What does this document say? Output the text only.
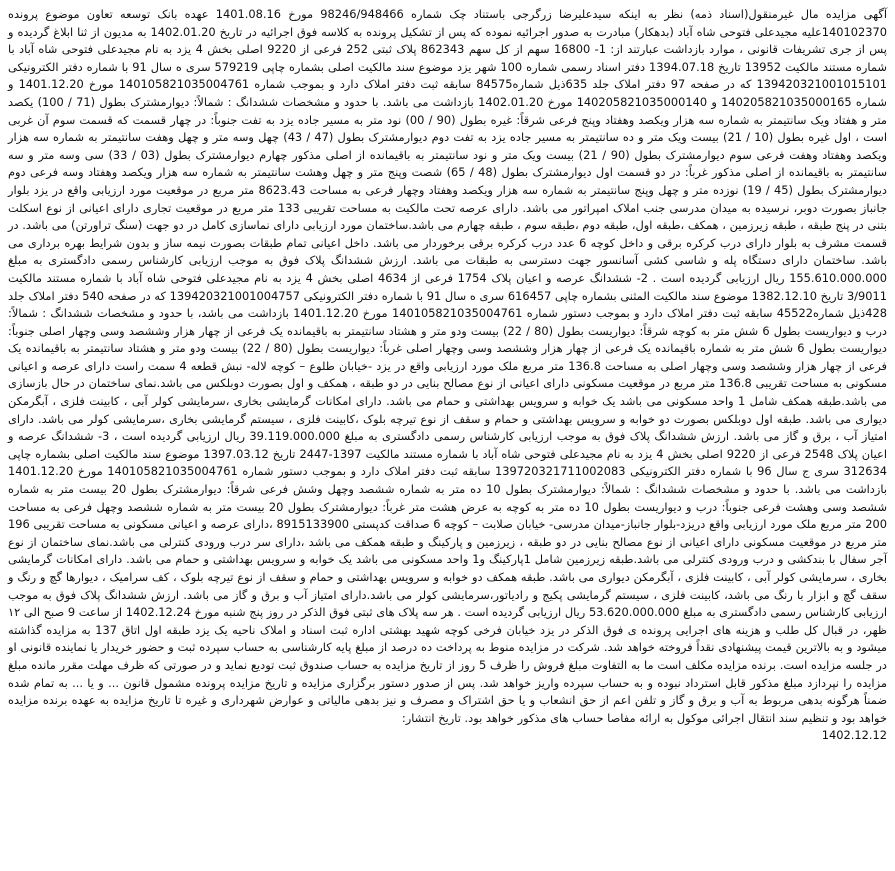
آگهی مزایده مال غیرمنقول(اسناد ذمه) نظر به اینکه سیدعلیرضا زرگرجی باستناد چک شماره 98246/948466 مورخ 1401.08.16 عهده بانک توسعه تعاون موضوع پرونده 140102370علیه مجیدعلی فتوحی شاه آباد (بدهکار) مبادرت به صدور اجرائیه نموده که پس از تشکیل پرونده به کلاسه فوق اجرائیه در تاریخ 1402.01.20 به مدیون از ثنا ابلاغ گردیده و پس از جری تشریفات قانونی ، موارد بازداشت عبارتند از: 1- 16800 سهم از کل سهم 862343 پلاک ثبتی 252 فرعی از 9220 اصلی بخش 4 یزد به نام مجیدعلی فتوحی شاه آباد با شماره مستند مالکیت 13952 تاریخ 1394.07.18 دفتر اسناد رسمی شماره 100 شهر یزد موضوع سند مالکیت اصلی بشماره چاپی 579219 سری ه سال 91 با شماره دفتر الکترونیکی 139420321001015101 که در صفحه 97 دفتر املاک جلد 635ذیل شماره84575 سابقه ثبت دفتر املاک دارد و بموجب شماره 140105821035004761 مورخ 1401.12.20 و شماره 140205821035000165 و 140205821035000140 مورخ 1402.01.20 بازداشت می باشد. با حدود و مشخصات ششدانگ : شمالاً: دیوارمشترک بطول (71 / 100) یکصد متر و هفتاد ویک سانتیمتر به شماره سه هزار ویکصد وهفتاد وپنج فرعی شرقاً: غیره بطول (90 / 00) نود متر به مسیر جاده یزد به تفت جنوباً: در چهار قسمت که قسمت سوم آن غربی است ، اول غیره بطول (10 / 21) بیست ویک متر و ده سانتیمتر به مسیر جاده یزد به تفت دوم دیوارمشترک بطول (47 / 43) چهل وسه متر و چهل وهفت سانتیمتر به شماره سه هزار ویکصد وهفتاد وهفت فرعی سوم دیوارمشترک بطول (90 / 21) بیست ویک متر و نود سانتیمتر به باقیمانده از اصلی مذکور چهارم دیوارمشترک بطول (03 / 33) سی وسه متر و سه سانتیمتر به باقیمانده از اصلی مذکور غرباً: در دو قسمت اول دیوارمشترک بطول (48 / 65) شصت وپنج متر و چهل وهشت سانتیمتر به شماره سه هزار ویکصد وهفتاد وسه فرعی دوم دیوارمشترک بطول (45 / 19) نوزده متر و چهل وپنج سانتیمتر به شماره سه هزار ویکصد وهفتاد وچهار فرعی به مساحت 8623.43 متر مربع در موقعیت مورد ارزیابی واقع در یزد بلوار جانباز بصورت دوبر، نرسیده به میدان مدرسی جنب املاک امپراتور می باشد. دارای عرصه تحت مالکیت به مساحت تقریبی 133 متر مربع در موقعیت تجاری دارای اعیانی از نوع اسکلت بتنی در پنج طبقه ، طبقه زیرزمین ، همکف ،طبقه اول، طبقه دوم ،طبقه سوم ، طبقه چهارم می باشد.ساختمان مورد ارزیابی دارای نماسازی کامل در دو جهت (سنگ تراورتن) می باشد. در قسمت مشرف به بلوار دارای درب کرکره برقی و داخل کوچه 6 عدد درب کرکره برقی برخوردار می باشد. داخل اعیانی تمام طبقات بصورت نیمه ساز و بدون شرایط بهره برداری می باشد. ساختمان دارای دستگاه پله و شاسی کشی آسانسور جهت دسترسی به طبقات می باشد. ارزش ششدانگ پلاک فوق به موجب ارزیابی کارشناس رسمی دادگستری به مبلغ 155.610.000.000 ریال ارزیابی گردیده است . 2- ششدانگ عرصه و اعیان پلاک 1754 فرعی از 4634 اصلی بخش 4 یزد به نام مجیدعلی فتوحی شاه آباد با شماره مستند مالکیت 3/9011 تاریخ 1382.12.10 موضوع سند مالکیت المثنی بشماره چاپی 616457 سری ه سال 91 با شماره دفتر الکترونیکی 139420321001004757 که در صفحه 540 دفتر املاک جلد 428ذیل شماره45522 سابقه ثبت دفتر املاک دارد و بموجب دستور شماره 140105821035004761 مورخ 1401.12.20 بازداشت می باشد، با حدود و مشخصات ششدانگ : شمالاً: درب و دیواریست بطول 6 شش متر به کوچه شرقاً: دیواریست بطول (80 / 22) بیست ودو متر و هشتاد سانتیمتر به باقیمانده یک فرعی از چهار هزار وششصد وسی وچهار اصلی جنوباً: دیواریست بطول 6 شش متر به شماره باقیمانده یک فرعی از چهار هزار وششصد وسی وچهار اصلی غرباً: دیواریست بطول (80 / 22) بیست ودو متر و هشتاد سانتیمتر به باقیمانده یک فرعی از چهار هزار وششصد وسی وچهار اصلی به مساحت 136.8 متر مربع ملک مورد ارزیابی واقع در یزد -خیابان طلوع – کوچه لاله- نبش قطعه 4 سمت راست دارای عرصه و اعیانی مسکونی به مساحت تقریبی 136.8 متر مربع در موقعیت مسکونی دارای اعیانی از نوع مصالح بنایی در دو طبقه ، همکف و اول بصورت دوبلکس می باشد.نمای ساختمان در حال بازسازی می باشد.طبقه همکف شامل 1 واحد مسکونی می باشد یک خوابه و سرویس بهداشتی و حمام می باشد. دارای امکانات گرمایشی بخاری ،سرمایشی کولر آبی ، کابینت فلزی ، آبگرمکن دیواری می باشد. طبقه اول دوبلکس بصورت دو خوابه و سرویس بهداشتی و حمام و سقف از نوع تیرچه بلوک ،کابینت فلزی ، سیستم گرمایشی بخاری ،سرمایشی کولر می باشد. دارای امتیاز آب ، برق و گاز می باشد. ارزش ششدانگ پلاک فوق به موجب ارزیابی کارشناس رسمی دادگستری به مبلغ 39.119.000.000 ریال ارزیابی گردیده است ، 3- ششدانگ عرصه و اعیان پلاک 2548 فرعی از 9220 اصلی بخش 4 یزد به نام مجیدعلی فتوحی شاه آباد با شماره مستند مالکیت 1397-2447 تاریخ 1397.03.12 موضوع سند مالکیت اصلی بشماره چاپی 312634 سری ج سال 96 با شماره دفتر الکترونیکی 139720321711002083 سابقه ثبت دفتر املاک دارد و بموجب دستور شماره 140105821035004761 مورخ 1401.12.20 بازداشت می باشد. با حدود و مشخصات ششدانگ : شمالاً: دیوارمشترک بطول 10 ده متر به شماره ششصد وچهل وشش فرعی شرقاً: دیوارمشترک بطول 20 بیست متر به شماره ششصد وسی وهشت فرعی جنوباً: درب و دیواریست بطول 10 ده متر به کوچه به عرض هشت متر غرباً: دیوارمشترک بطول 20 بیست متر به شماره ششصد وچهل فرعی به مساحت 200 متر مربع ملک مورد ارزیابی واقع دریزد-بلوار جانباز-میدان مدرسی- خیابان صلابت – کوچه 6 صداقت کدپستی 8915133900 ،دارای عرصه و اعیانی مسکونی به مساحت تقریبی 196 متر مربع در موقعیت مسکونی دارای اعیانی از نوع مصالح بنایی در دو طبقه ، زیرزمین و پارکینگ و طبقه همکف می باشد ،دارای سر درب ورودی کنترلی می باشد.نمای ساختمان از نوع آجر سفال با بندکشی و درب ورودی کنترلی می باشد.طبقه زیرزمین شامل 1پارکینگ و1 واحد مسکونی می باشد یک خوابه و سرویس بهداشتی و حمام می باشد. دارای امکانات گرمایشی بخاری ، سرمایشی کولر آبی ، کابینت فلزی ، آبگرمکن دیواری می باشد. طبقه همکف دو خوابه و سرویس بهداشتی و حمام و سقف از نوع تیرچه بلوک ، کف سرامیک ، دیوارها گچ و رنگ و سقف گچ و ابزار با رنگ می باشد، کابینت فلزی ، سیستم گرمایشی پکیج و رادیاتور،سرمایشی کولر می باشد.دارای امتیاز آب و برق و گاز می باشد. ارزش ششدانگ پلاک فوق به موجب ارزیابی کارشناس رسمی دادگستری به مبلغ 53.620.000.000 ریال ارزیابی گردیده است . هر سه پلاک های ثبتی فوق الذکر در روز پنج شنبه مورخ 1402.12.24 از ساعت 9 صبح الی ۱۲ ظهر، در قبال کل طلب و هزینه های اجرایی پرونده ی فوق الذکر در یزد خیابان فرخی کوچه شهید بهشتی اداره ثبت اسناد و املاک ناحیه یک یزد طبقه اول اتاق 137 به مزایده گذاشته میشود و به بالاترین قیمت پیشنهادی نقداً فروخته خواهد شد. شرکت در مزایده منوط به پرداخت ده درصد از مبلغ پایه کارشناسی به حساب سپرده ثبت و حضور خریدار یا نماینده قانونی او در جلسه مزایده است. برنده مزایده مکلف است ما به التفاوت مبلغ فروش را ظرف 5 روز از تاریخ مزایده به حساب صندوق ثبت تودیع نماید و در صورتی که ظرف مهلت مقرر مانده مبلغ مزایده را نپردازد مبلغ مذکور قابل استرداد نبوده و به حساب سپرده واریز خواهد شد. پس از صدور دستور برگزاری مزایده و تاریخ مزایده پرونده مشمول قانون ... و یا ... به تمام شده ضمناً هرگونه بدهی مربوط به آب و برق و گاز و تلفن اعم از حق انشعاب و یا حق اشتراک و مصرف و نیز بدهی مالیاتی و عوارض شهرداری و غیره تا تاریخ مزایده به عهده برنده مزایده خواهد بود و تنظیم سند انتقال اجرائی موکول به ارائه مفاصا حساب های مذکور خواهد بود. تاریخ انتشار:

1402.12.12
